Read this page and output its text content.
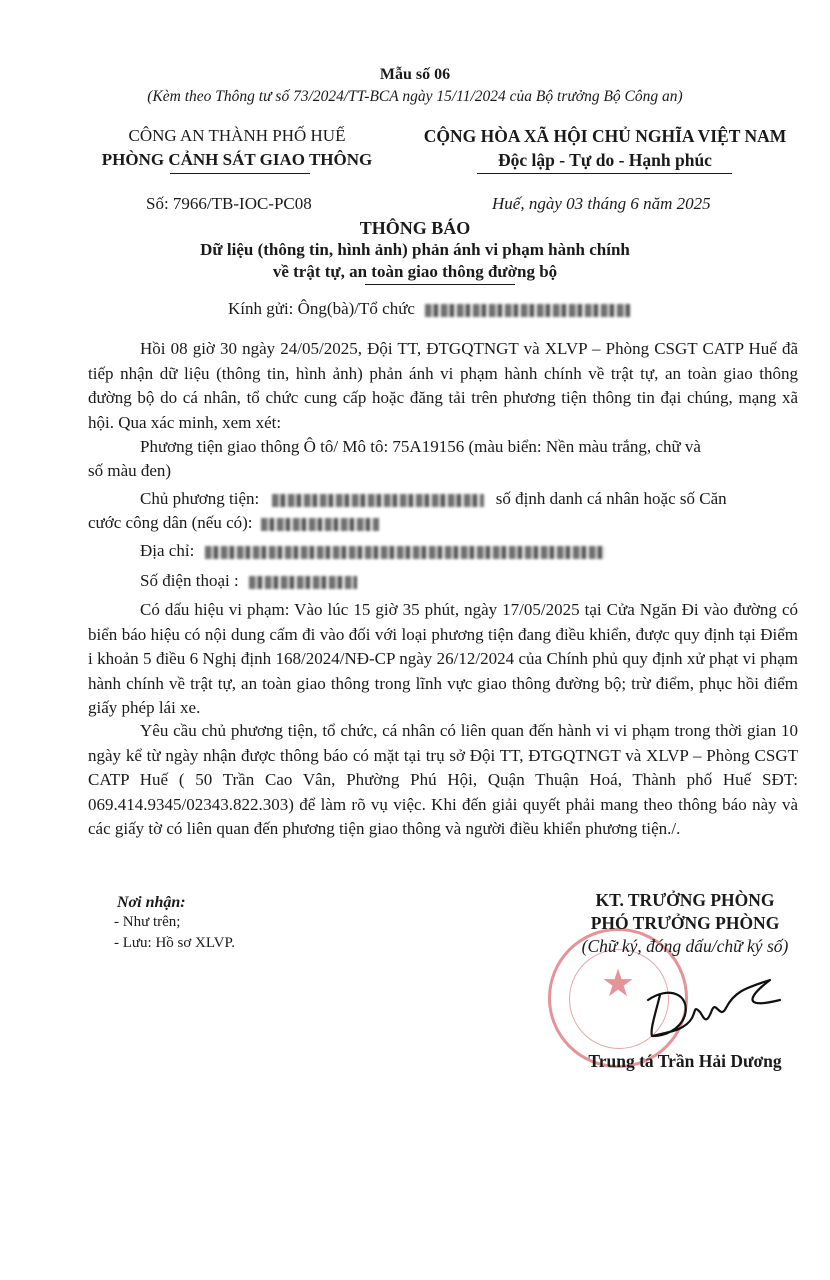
Mẫu số 06
(Kèm theo Thông tư số 73/2024/TT-BCA ngày 15/11/2024 của Bộ trưởng Bộ Công an)
CÔNG AN THÀNH PHỐ HUẾ
PHÒNG CẢNH SÁT GIAO THÔNG
CỘNG HÒA XÃ HỘI CHỦ NGHĨA VIỆT NAM
Độc lập - Tự do - Hạnh phúc
Số: 7966/TB-IOC-PC08	Huế, ngày 03 tháng 6 năm 2025
THÔNG BÁO
Dữ liệu (thông tin, hình ảnh) phản ánh vi phạm hành chính
về trật tự, an toàn giao thông đường bộ
Kính gửi: Ông(bà)/Tổ chức
Hồi 08 giờ 30 ngày 24/05/2025, Đội TT, ĐTGQTNGT và XLVP – Phòng CSGT CATP Huế đã tiếp nhận dữ liệu (thông tin, hình ảnh) phản ánh vi phạm hành chính về trật tự, an toàn giao thông đường bộ do cá nhân, tổ chức cung cấp hoặc đăng tải trên phương tiện thông tin đại chúng, mạng xã hội. Qua xác minh, xem xét:
Phương tiện giao thông Ô tô/ Mô tô: 75A19156 (màu biển: Nền màu trắng, chữ và
số màu đen)
Chủ phương tiện:	số định danh cá nhân hoặc số Căn
cước công dân (nếu có):
Địa chỉ:
Số điện thoại :
Có dấu hiệu vi phạm: Vào lúc 15 giờ 35 phút, ngày 17/05/2025 tại Cửa Ngăn Đi vào đường có biển báo hiệu có nội dung cấm đi vào đối với loại phương tiện đang điều khiển, được quy định tại Điểm i khoản 5 điều 6 Nghị định 168/2024/NĐ-CP ngày 26/12/2024 của Chính phủ quy định xử phạt vi phạm hành chính về trật tự, an toàn giao thông trong lĩnh vực giao thông đường bộ; trừ điểm, phục hồi điểm giấy phép lái xe.
Yêu cầu chủ phương tiện, tổ chức, cá nhân có liên quan đến hành vi vi phạm trong thời gian 10 ngày kể từ ngày nhận được thông báo có mặt tại trụ sở Đội TT, ĐTGQTNGT và XLVP – Phòng CSGT CATP Huế ( 50 Trần Cao Vân, Phường Phú Hội, Quận Thuận Hoá, Thành phố Huế SĐT: 069.414.9345/02343.822.303) để làm rõ vụ việc. Khi đến giải quyết phải mang theo thông báo này và các giấy tờ có liên quan đến phương tiện giao thông và người điều khiển phương tiện./.
Nơi nhận:
- Như trên;
- Lưu: Hồ sơ XLVP.
★
KT. TRƯỞNG PHÒNG
PHÓ TRƯỞNG PHÒNG
(Chữ ký, đóng dấu/chữ ký số)
Trung tá Trần Hải Dương
